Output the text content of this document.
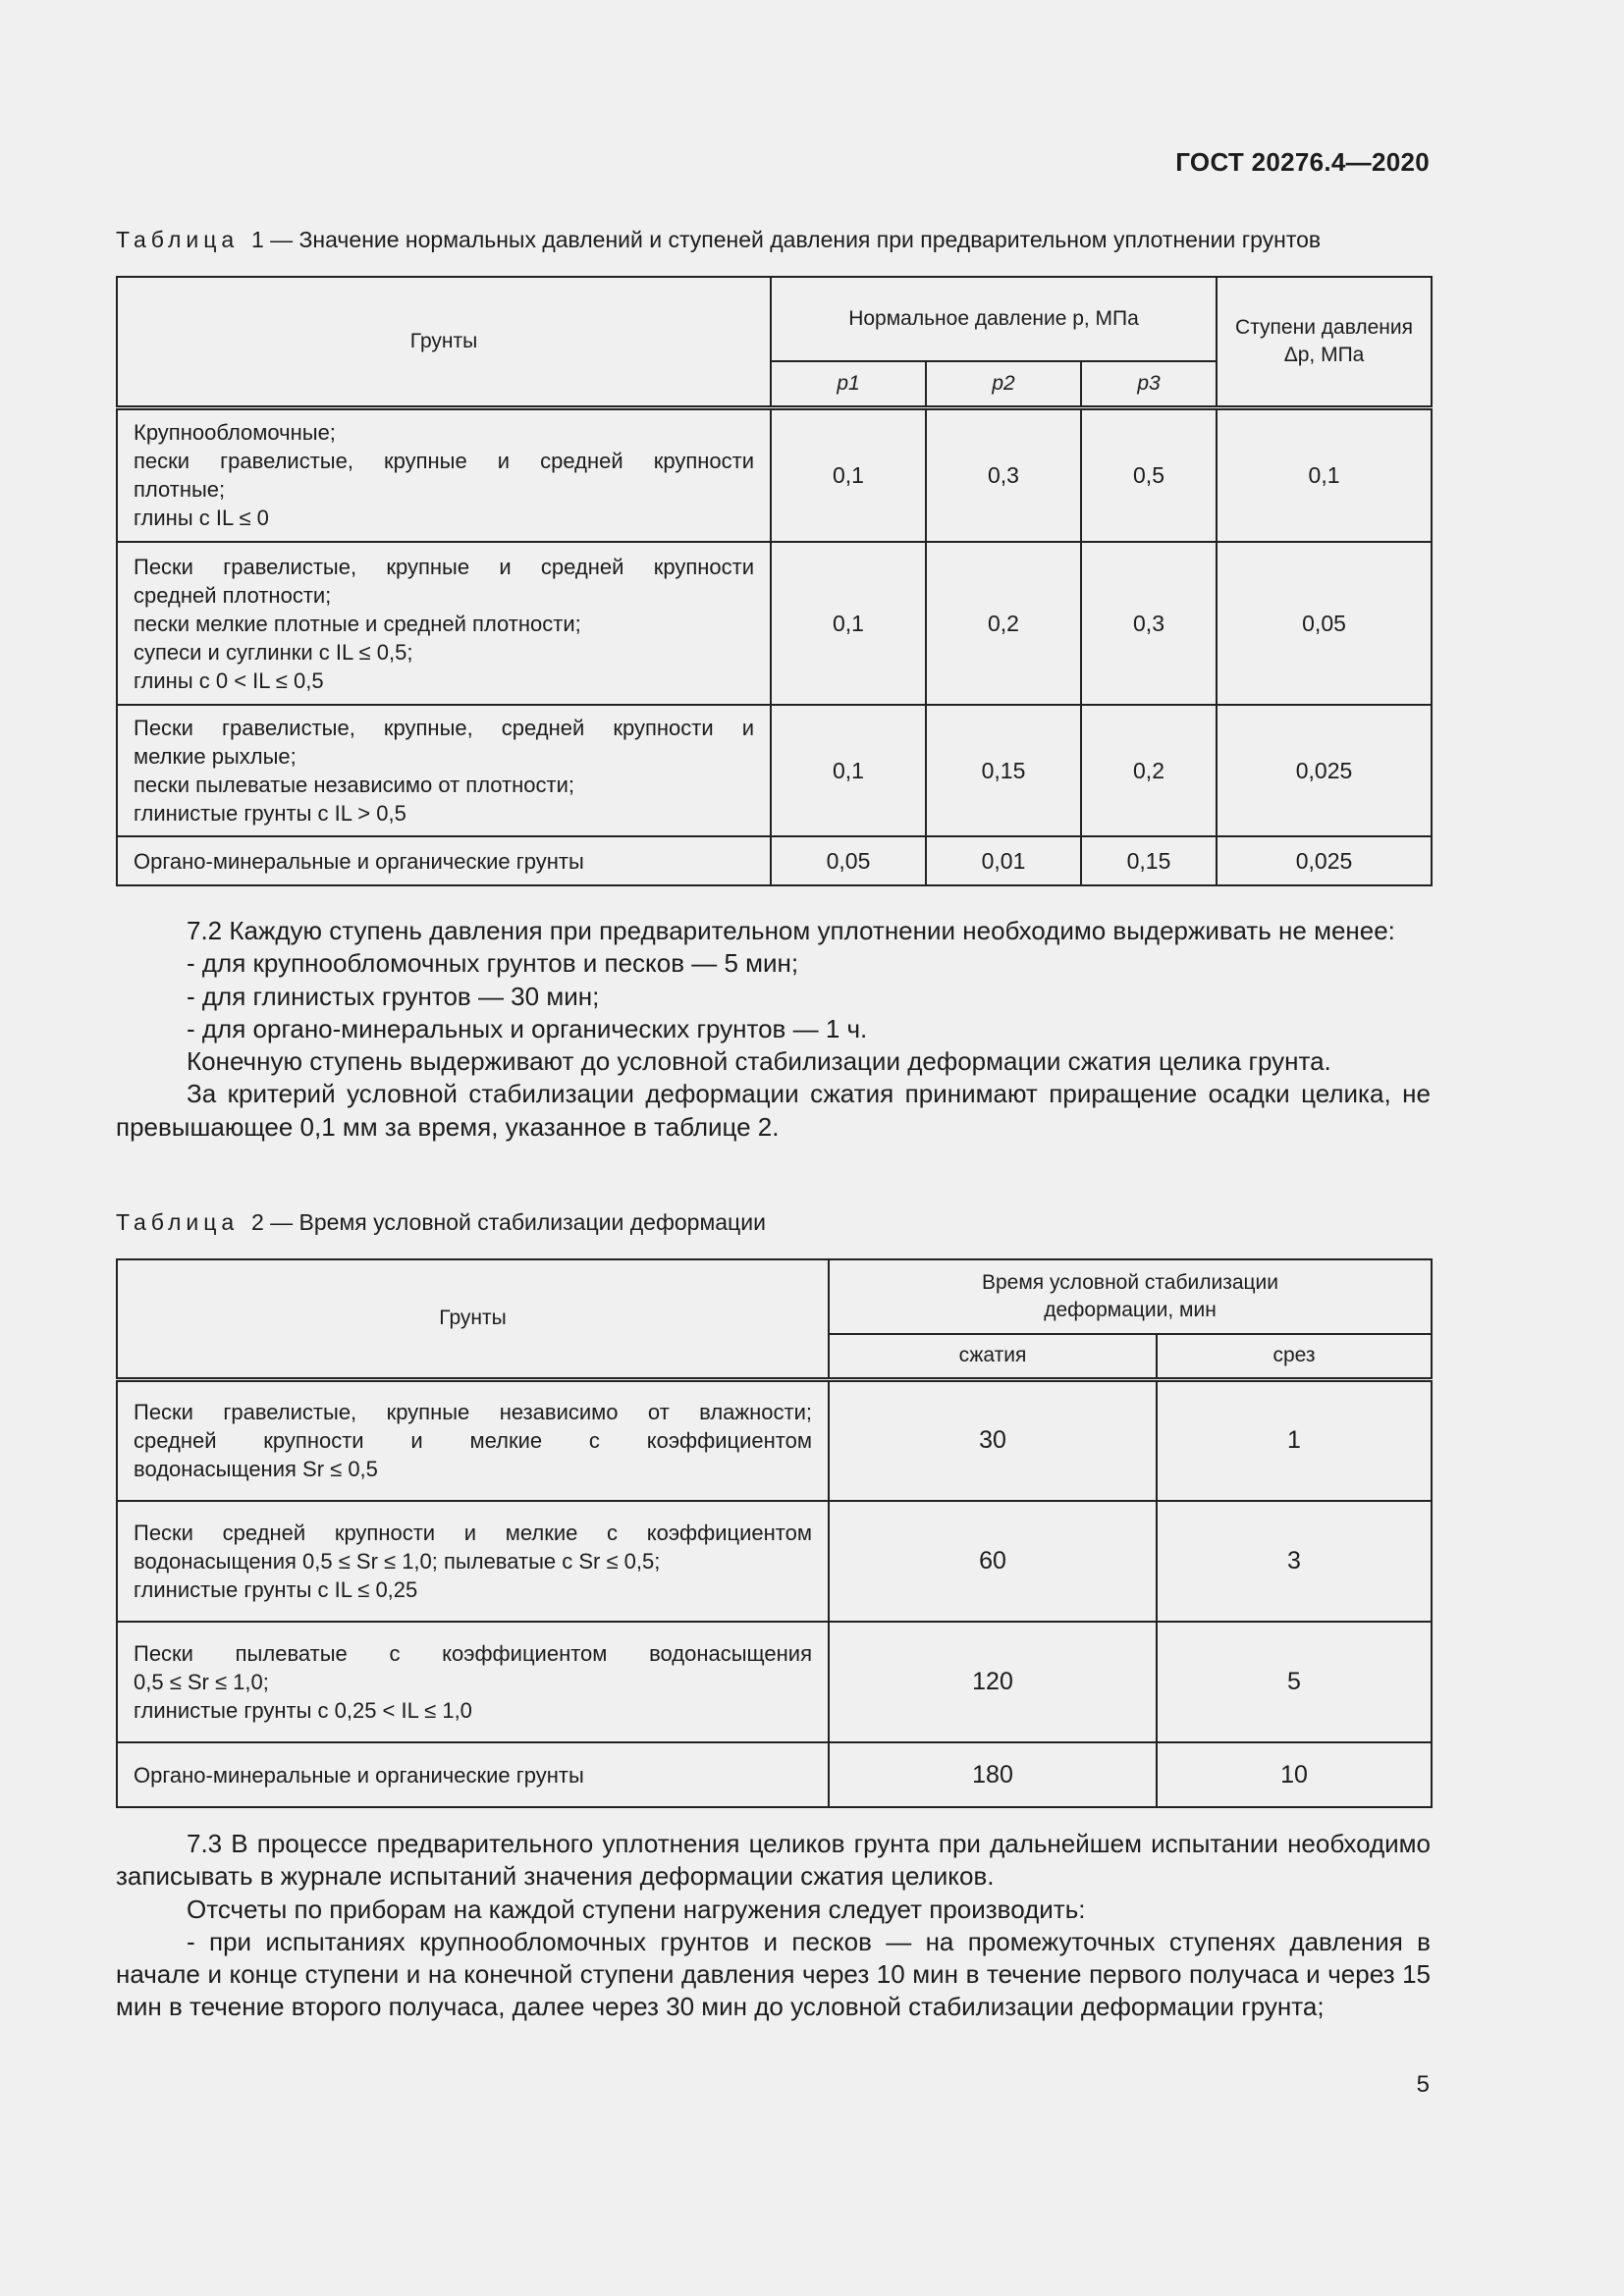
ГОСТ 20276.4—2020
Таблица 1 — Значение нормальных давлений и ступеней давления при предварительном уплотнении грунтов
Грунты	Нормальное давление p, МПа			Ступени давления Δp, МПа
	p1	p2	p3	

Крупнообломочные;
пески гравелистые, крупные и средней крупности
плотные;
глины с IL ≤ 0	0,1	0,3	0,5	0,1

Пески гравелистые, крупные и средней крупности
средней плотности;
пески мелкие плотные и средней плотности;
супеси и суглинки с IL ≤ 0,5;
глины с 0 < IL ≤ 0,5	0,1	0,2	0,3	0,05

Пески гравелистые, крупные, средней крупности и
мелкие рыхлые;
пески пылеватые независимо от плотности;
глинистые грунты с IL > 0,5	0,1	0,15	0,2	0,025

Органо-минеральные и органические грунты	0,05	0,01	0,15	0,025

7.2 Каждую ступень давления при предварительном уплотнении необходимо выдерживать не менее:

- для крупнообломочных грунтов и песков — 5 мин;

- для глинистых грунтов — 30 мин;

- для органо-минеральных и органических грунтов — 1 ч.

Конечную ступень выдерживают до условной стабилизации деформации сжатия целика грунта.

За критерий условной стабилизации деформации сжатия принимают приращение осадки целика, не превышающее 0,1 мм за время, указанное в таблице 2.

Таблица 2 — Время условной стабилизации деформации
Грунты	Время условной стабилизации деформации, мин	
	сжатия	срез

Пески гравелистые, крупные независимо от влажности;
средней крупности и мелкие с коэффициентом
водонасыщения Sr ≤ 0,5	30	1

Пески средней крупности и мелкие с коэффициентом
водонасыщения 0,5 ≤ Sr ≤ 1,0; пылеватые с Sr ≤ 0,5;
глинистые грунты с IL ≤ 0,25	60	3

Пески пылеватые с коэффициентом водонасыщения
0,5 ≤ Sr ≤ 1,0;
глинистые грунты с 0,25 < IL ≤ 1,0	120	5

Органо-минеральные и органические грунты	180	10

7.3 В процессе предварительного уплотнения целиков грунта при дальнейшем испытании необходимо записывать в журнале испытаний значения деформации сжатия целиков.

Отсчеты по приборам на каждой ступени нагружения следует производить:

- при испытаниях крупнообломочных грунтов и песков — на промежуточных ступенях давления в начале и конце ступени и на конечной ступени давления через 10 мин в течение первого получаса и через 15 мин в течение второго получаса, далее через 30 мин до условной стабилизации деформации грунта;

5
